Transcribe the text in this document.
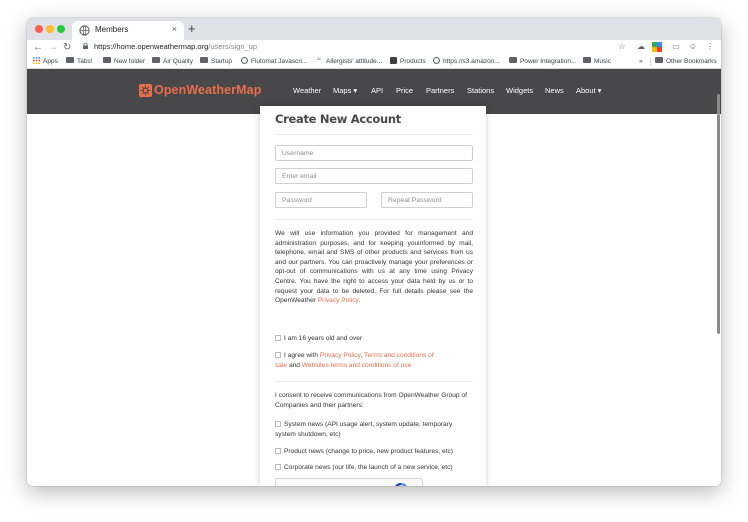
Members	× +
← → ↻	https://home.openweathermap.org/users/sign_up	☆ ☁	▭ ☺ ⋮
Apps	Tabs!	New folder	Air Quality	Startup	Flutomat Javascri... ≈ Allergists' attitude...	Products	https://s3.amazon...	Power Integration...	Music	»	Other Bookmarks
OpenWeatherMap	Weather Maps ▾ API Price Partners Stations Widgets News About ▾
Create New Account
Username
Enter email
Password	Repeat Password
We will use information you provided for management and administration purposes, and for keeping youinformed by mail, telephone, email and SMS of other products and services from us and our partners. You can proactively manage your preferences or opt-out of communications with us at any time using Privacy Centre. You have the right to access your data held by us or to request your data to be deleted. For full details please see the OpenWeather Privacy Policy.
I am 16 years old and over
I agree with Privacy Policy, Terms and conditions of sale and Websites terms and conditions of use
I consent to receive communications from OpenWeather Group of Companies and their partners:
System news (API usage alert, system update, temporary system shutdown, etc)
Product news (change to price, new product features, etc)
Corporate news (our life, the launch of a new service, etc)
